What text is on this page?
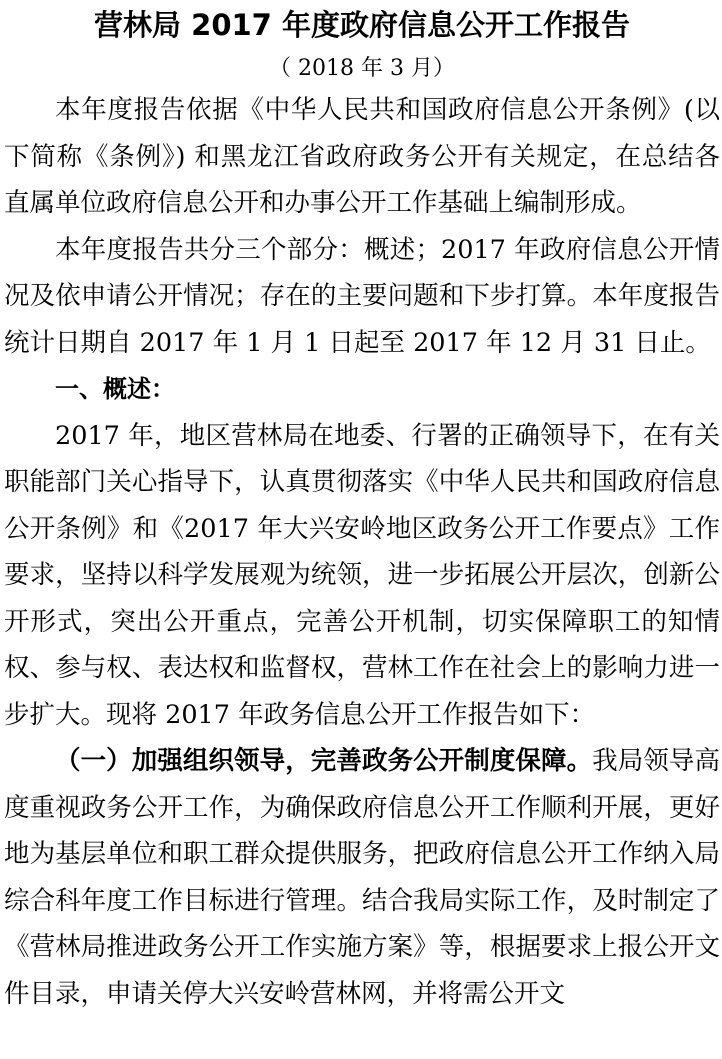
营林局 2017 年度政府信息公开工作报告
（ 2018 年 3 月）

本年度报告依据《中华人民共和国政府信息公开条例》(以下简称《条例》) 和黑龙江省政府政务公开有关规定，在总结各直属单位政府信息公开和办事公开工作基础上编制形成。

本年度报告共分三个部分：概述；2017 年政府信息公开情况及依申请公开情况；存在的主要问题和下步打算。本年度报告统计日期自 2017 年 1 月 1 日起至 2017 年 12 月 31 日止。

一、概述：

2017 年，地区营林局在地委、行署的正确领导下，在有关职能部门关心指导下，认真贯彻落实《中华人民共和国政府信息公开条例》和《2017 年大兴安岭地区政务公开工作要点》工作要求，坚持以科学发展观为统领，进一步拓展公开层次，创新公开形式，突出公开重点，完善公开机制，切实保障职工的知情权、参与权、表达权和监督权，营林工作在社会上的影响力进一步扩大。现将 2017 年政务信息公开工作报告如下：

（一）加强组织领导，完善政务公开制度保障。我局领导高度重视政务公开工作，为确保政府信息公开工作顺利开展，更好地为基层单位和职工群众提供服务，把政府信息公开工作纳入局综合科年度工作目标进行管理。结合我局实际工作，及时制定了《营林局推进政务公开工作实施方案》等，根据要求上报公开文件目录，申请关停大兴安岭营林网，并将需公开文
